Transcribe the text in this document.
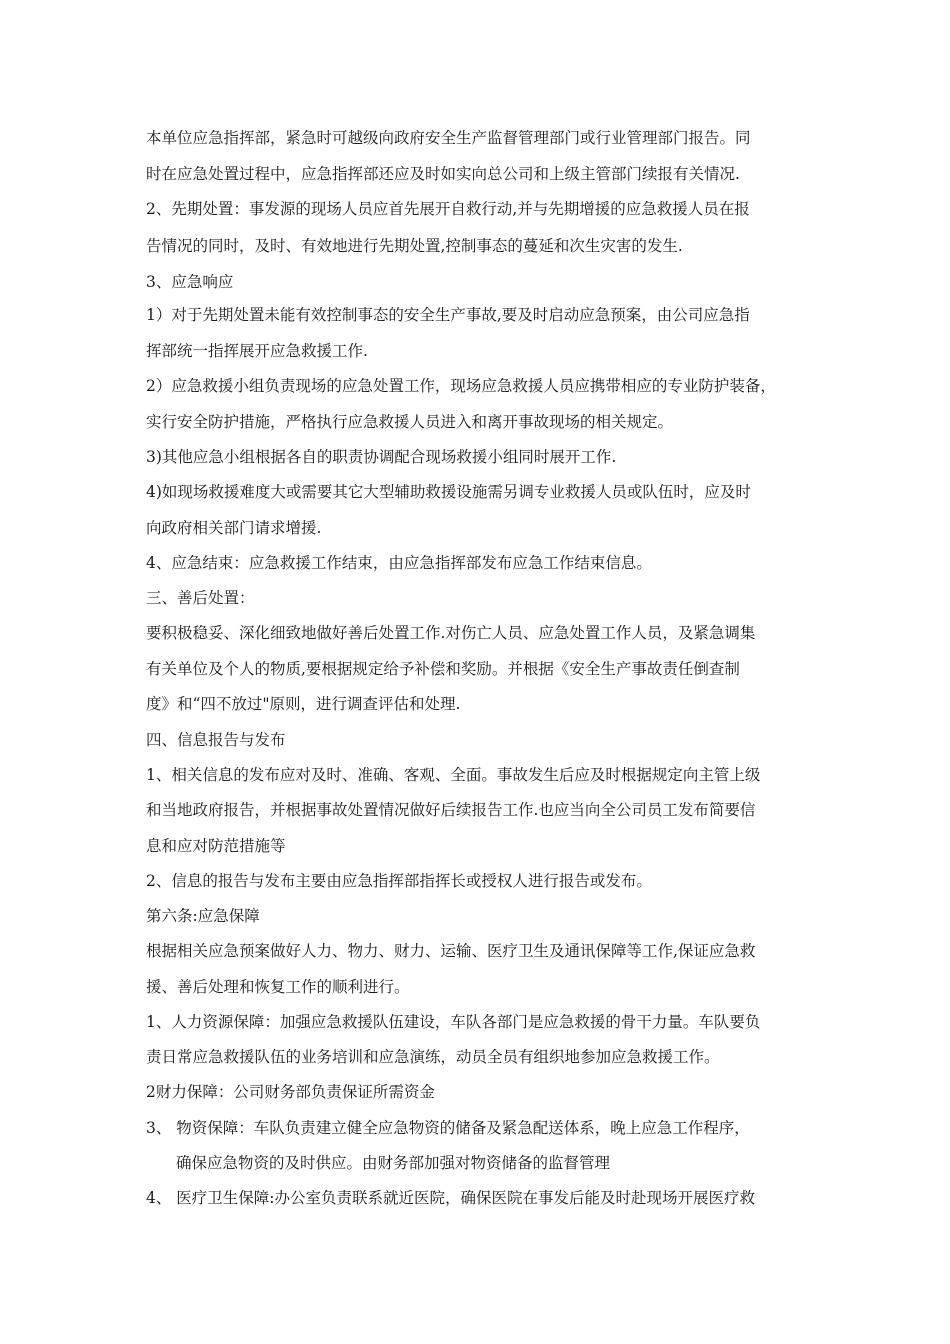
本单位应急指挥部，紧急时可越级向政府安全生产监督管理部门或行业管理部门报告。同
时在应急处置过程中，应急指挥部还应及时如实向总公司和上级主管部门续报有关情况.
2、先期处置：事发源的现场人员应首先展开自救行动,并与先期增援的应急救援人员在报
告情况的同时，及时、有效地进行先期处置,控制事态的蔓延和次生灾害的发生.
3、应急响应
1）对于先期处置未能有效控制事态的安全生产事故,要及时启动应急预案，由公司应急指
挥部统一指挥展开应急救援工作.
2）应急救援小组负责现场的应急处置工作，现场应急救援人员应携带相应的专业防护装备，
实行安全防护措施，严格执行应急救援人员进入和离开事故现场的相关规定。
3)其他应急小组根据各自的职责协调配合现场救援小组同时展开工作.
4)如现场救援难度大或需要其它大型辅助救援设施需另调专业救援人员或队伍时，应及时
向政府相关部门请求增援.
4、应急结束：应急救援工作结束，由应急指挥部发布应急工作结束信息。
三、善后处置：
要积极稳妥、深化细致地做好善后处置工作.对伤亡人员、应急处置工作人员，及紧急调集
有关单位及个人的物质,要根据规定给予补偿和奖励。并根据《安全生产事故责任倒查制
度》和“四不放过"原则，进行调查评估和处理.
四、信息报告与发布
1、相关信息的发布应对及时、准确、客观、全面。事故发生后应及时根据规定向主管上级
和当地政府报告，并根据事故处置情况做好后续报告工作.也应当向全公司员工发布简要信
息和应对防范措施等
2、信息的报告与发布主要由应急指挥部指挥长或授权人进行报告或发布。
第六条:应急保障
根据相关应急预案做好人力、物力、财力、运输、医疗卫生及通讯保障等工作,保证应急救
援、善后处理和恢复工作的顺利进行。
1、人力资源保障：加强应急救援队伍建设，车队各部门是应急救援的骨干力量。车队要负
责日常应急救援队伍的业务培训和应急演练，动员全员有组织地参加应急救援工作。
2财力保障：公司财务部负责保证所需资金
3、 物资保障：车队负责建立健全应急物资的储备及紧急配送体系，晚上应急工作程序，
确保应急物资的及时供应。由财务部加强对物资储备的监督管理
4、 医疗卫生保障:办公室负责联系就近医院，确保医院在事发后能及时赴现场开展医疗救
